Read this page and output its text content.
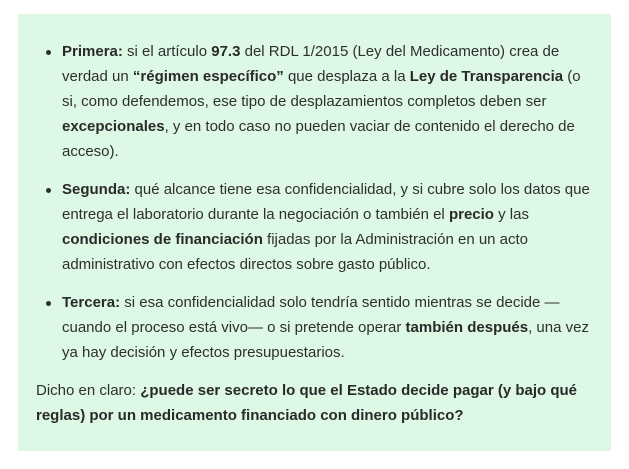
Primera: si el artículo 97.3 del RDL 1/2015 (Ley del Medicamento) crea de verdad un “régimen específico” que desplaza a la Ley de Transparencia (o si, como defendemos, ese tipo de desplazamientos completos deben ser excepcionales, y en todo caso no pueden vaciar de contenido el derecho de acceso).
Segunda: qué alcance tiene esa confidencialidad, y si cubre solo los datos que entrega el laboratorio durante la negociación o también el precio y las condiciones de financiación fijadas por la Administración en un acto administrativo con efectos directos sobre gasto público.
Tercera: si esa confidencialidad solo tendría sentido mientras se decide —cuando el proceso está vivo— o si pretende operar también después, una vez ya hay decisión y efectos presupuestarios.

Dicho en claro: ¿puede ser secreto lo que el Estado decide pagar (y bajo qué reglas) por un medicamento financiado con dinero público?
